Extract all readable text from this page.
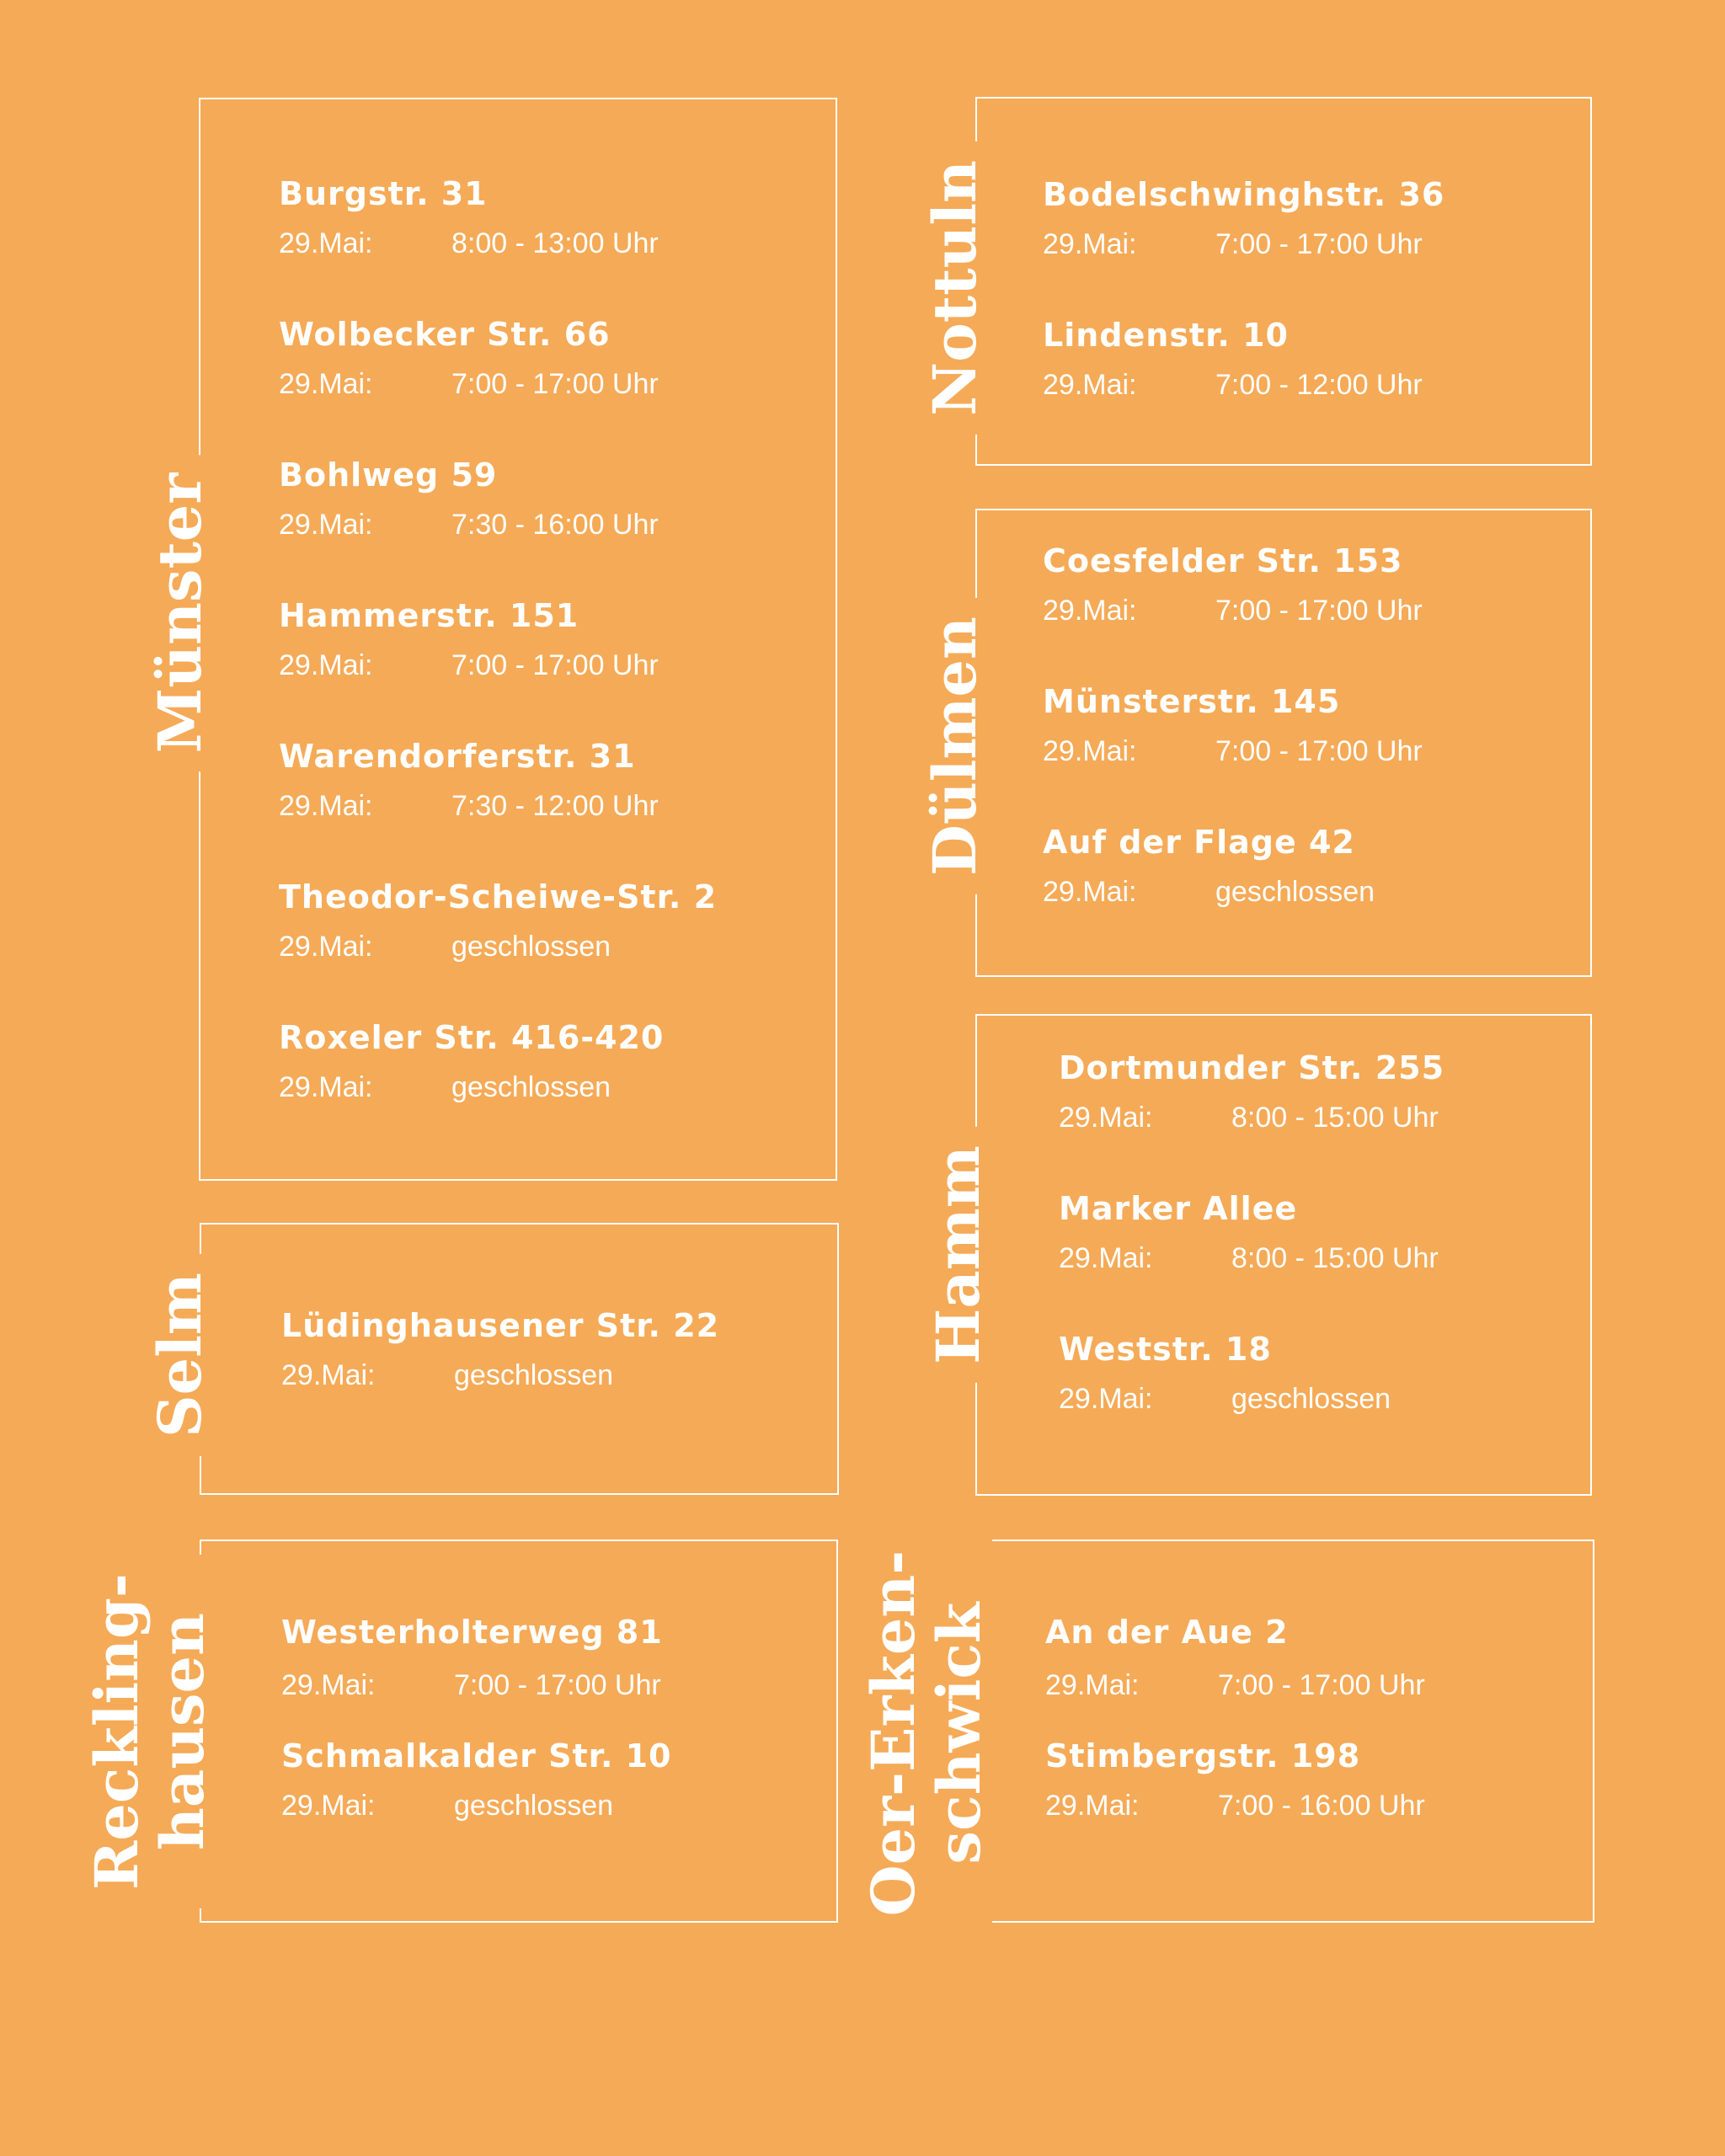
Münster
Burgstr. 31
29.Mai:	8:00 - 13:00 Uhr
Wolbecker Str. 66
29.Mai:	7:00 - 17:00 Uhr
Bohlweg 59
29.Mai:	7:30 - 16:00 Uhr
Hammerstr. 151
29.Mai:	7:00 - 17:00 Uhr
Warendorferstr. 31
29.Mai:	7:30 - 12:00 Uhr
Theodor-Scheiwe-Str. 2
29.Mai:	geschlossen
Roxeler Str. 416-420
29.Mai:	geschlossen
Nottuln Bodelschwinghstr. 36
29.Mai:	7:00 - 17:00 Uhr
Lindenstr. 10
29.Mai:	7:00 - 12:00 Uhr
Dülmen
Coesfelder Str. 153
29.Mai:	7:00 - 17:00 Uhr
Münsterstr. 145
29.Mai:	7:00 - 17:00 Uhr
Auf der Flage 42
29.Mai:	geschlossen
Hamm
Dortmunder Str. 255
29.Mai:	8:00 - 15:00 Uhr
Marker Allee
29.Mai:	8:00 - 15:00 Uhr
Weststr. 18
29.Mai:	geschlossen
Selm Lüdinghausener Str. 22
29.Mai:	geschlossen
Reckling-
hausen Westerholterweg 81
29.Mai:	7:00 - 17:00 Uhr
Schmalkalder Str. 10
29.Mai:	geschlossen	Oer-Erken-
schwick An der Aue 2
29.Mai:	7:00 - 17:00 Uhr
Stimbergstr. 198
29.Mai:	7:00 - 16:00 Uhr
